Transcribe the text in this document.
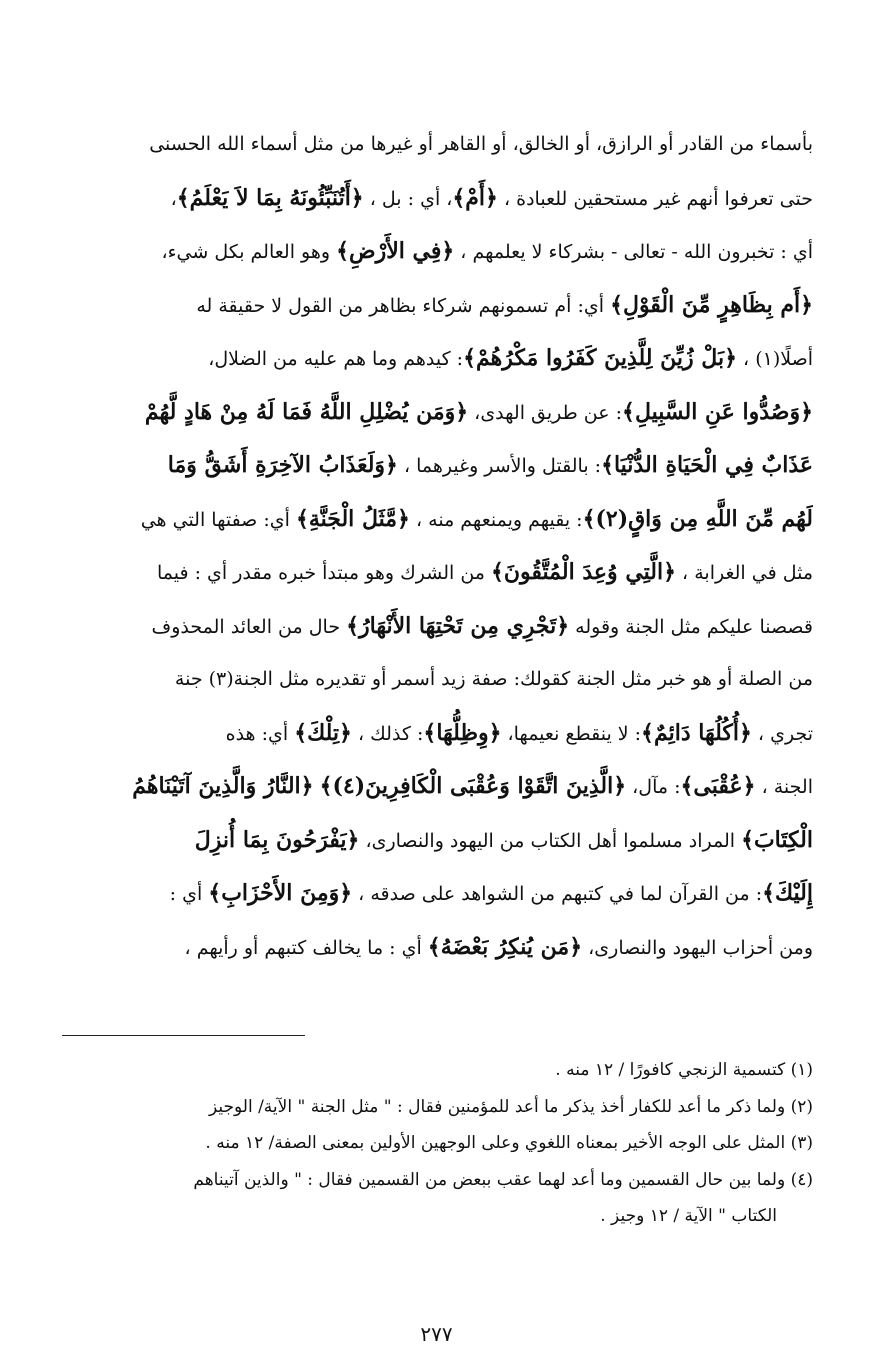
بأسماء من القادر أو الرازق، أو الخالق، أو القاهر أو غيرها من مثل أسماء الله الحسنى
حتى تعرفوا أنهم غير مستحقين للعبادة ، ﴿أَمْ﴾، أي : بل ، ﴿أَتُنَبِّئُونَهُ بِمَا لاَ يَعْلَمُ﴾،
أي : تخبرون الله - تعالى - بشركاء لا يعلمهم ، ﴿فِي الأَرْضِ﴾ وهو العالم بكل شيء،
﴿أَم بِظَاهِرٍ مِّنَ الْقَوْلِ﴾ أي: أم تسمونهم شركاء بظاهر من القول لا حقيقة له
أصلًا(١) ، ﴿بَلْ زُيِّنَ لِلَّذِينَ كَفَرُوا مَكْرُهُمْ﴾: كيدهم وما هم عليه من الضلال،
﴿وَصُدُّوا عَنِ السَّبِيلِ﴾: عن طريق الهدى، ﴿وَمَن يُضْلِلِ اللَّهُ فَمَا لَهُ مِنْ هَادٍ لَّهُمْ
عَذَابٌ فِي الْحَيَاةِ الدُّنْيَا﴾: بالقتل والأسر وغيرهما ، ﴿وَلَعَذَابُ الآخِرَةِ أَشَقُّ وَمَا
لَهُم مِّنَ اللَّهِ مِن وَاقٍ(٢)﴾: يقيهم ويمنعهم منه ، ﴿مَّثَلُ الْجَنَّةِ﴾ أي: صفتها التي هي
مثل في الغرابة ، ﴿الَّتِي وُعِدَ الْمُتَّقُونَ﴾ من الشرك وهو مبتدأ خبره مقدر أي : فيما
قصصنا عليكم مثل الجنة وقوله ﴿تَجْرِي مِن تَحْتِهَا الأَنْهَارُ﴾ حال من العائد المحذوف
من الصلة أو هو خبر مثل الجنة كقولك: صفة زيد أسمر أو تقديره مثل الجنة(٣) جنة
تجري ، ﴿أُكُلُهَا دَائِمٌ﴾: لا ينقطع نعيمها، ﴿وِظِلُّهَا﴾: كذلك ، ﴿تِلْكَ﴾ أي: هذه
الجنة ، ﴿عُقْبَى﴾: مآل، ﴿الَّذِينَ اتَّقَوْا وَعُقْبَى الْكَافِرِينَ(٤)﴾ ﴿النَّارُ وَالَّذِينَ آتَيْنَاهُمُ
الْكِتَابَ﴾ المراد مسلموا أهل الكتاب من اليهود والنصارى، ﴿يَفْرَحُونَ بِمَا أُنزِلَ
إِلَيْكَ﴾: من القرآن لما في كتبهم من الشواهد على صدقه ، ﴿وَمِنَ الأَحْزَابِ﴾ أي :
ومن أحزاب اليهود والنصارى، ﴿مَن يُنكِرُ بَعْضَهُ﴾ أي : ما يخالف كتبهم أو رأيهم ،
(١) كتسمية الزنجي كافورًا / ١٢ منه .
(٢) ولما ذكر ما أعد للكفار أخذ يذكر ما أعد للمؤمنين فقال : " مثل الجنة " الآية/ الوجيز
(٣) المثل على الوجه الأخير بمعناه اللغوي وعلى الوجهين الأولين بمعنى الصفة/ ١٢ منه .
(٤) ولما بين حال القسمين وما أعد لهما عقب ببعض من القسمين فقال : " والذين آتيناهم
الكتاب " الآية / ١٢ وجيز .
٢٧٧
